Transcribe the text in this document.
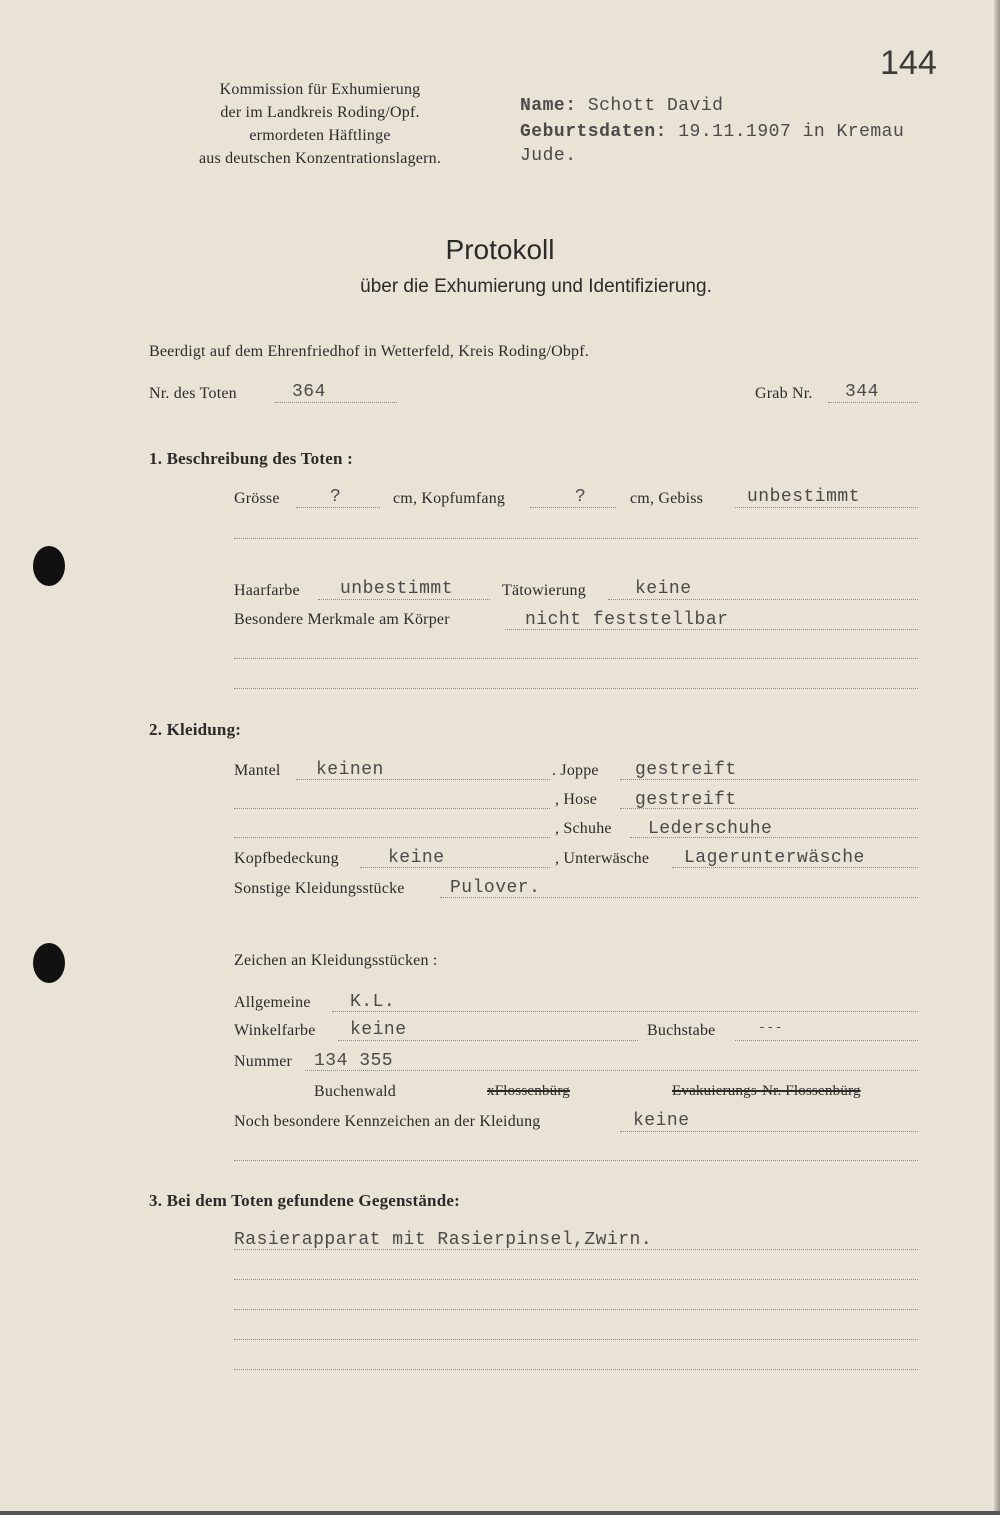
144
Kommission für Exhumierung
der im Landkreis Roding/Opf.
ermordeten Häftlinge
aus deutschen Konzentrationslagern.
Name: Schott David
Geburtsdaten: 19.11.1907 in Kremau
Jude.
Protokoll
über die Exhumierung und Identifizierung.
Beerdigt auf dem Ehrenfriedhof in Wetterfeld, Kreis Roding/Obpf.
Nr. des Toten	364	Grab Nr. 344
1. Beschreibung des Toten :
Grösse	?	cm, Kopfumfang	?	cm, Gebiss unbestimmt
Haarfarbe unbestimmt	Tätowierung	keine
Besondere Merkmale am Körper	nicht feststellbar
2. Kleidung:
Mantel keinen	. Joppe gestreift
, Hose gestreift
, Schuhe Lederschuhe
Kopfbedeckung	keine	, Unterwäsche Lagerunterwäsche
Sonstige Kleidungsstücke	Pulover.
Zeichen an Kleidungsstücken :
Allgemeine K.L.
Winkelfarbe keine	Buchstabe	---
Nummer 134 355
Buchenwald	xFlossenbürg	Evakuierungs-Nr. Flossenbürg
Noch besondere Kennzeichen an der Kleidung	keine
3. Bei dem Toten gefundene Gegenstände:
Rasierapparat mit Rasierpinsel,Zwirn.
